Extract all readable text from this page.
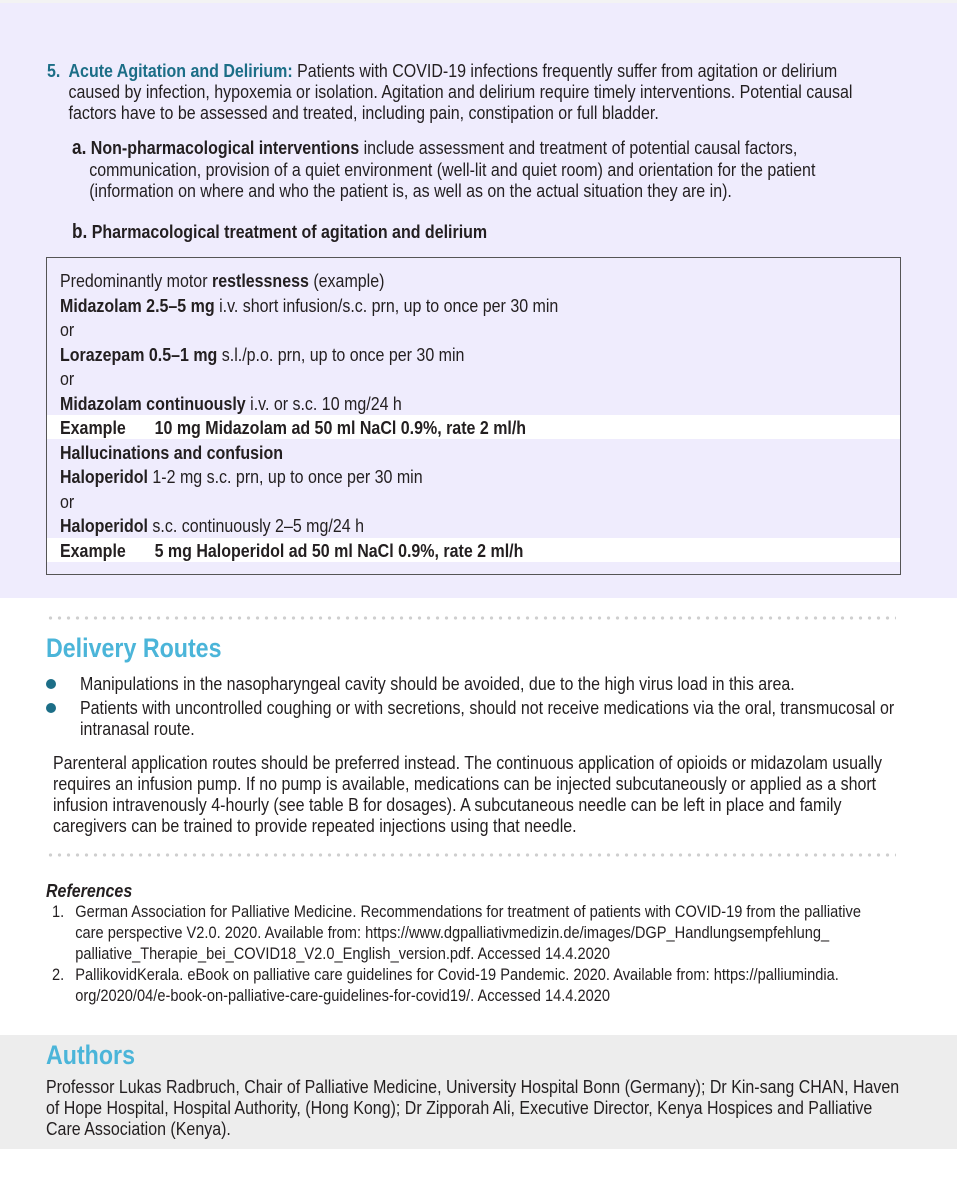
5. Acute Agitation and Delirium: Patients with COVID-19 infections frequently suffer from agitation or delirium
caused by infection, hypoxemia or isolation. Agitation and delirium require timely interventions. Potential causal
factors have to be assessed and treated, including pain, constipation or full bladder.
a. Non-pharmacological interventions include assessment and treatment of potential causal factors,
communication, provision of a quiet environment (well-lit and quiet room) and orientation for the patient
(information on where and who the patient is, as well as on the actual situation they are in).
b. Pharmacological treatment of agitation and delirium
Predominantly motor restlessness (example)
Midazolam 2.5–5 mg i.v. short infusion/s.c. prn, up to once per 30 min
or
Lorazepam 0.5–1 mg s.l./p.o. prn, up to once per 30 min
or
Midazolam continuously i.v. or s.c. 10 mg/24 h
Example 10 mg Midazolam ad 50 ml NaCl 0.9%, rate 2 ml/h
Hallucinations and confusion
Haloperidol 1-2 mg s.c. prn, up to once per 30 min
or
Haloperidol s.c. continuously 2–5 mg/24 h
Example 5 mg Haloperidol ad 50 ml NaCl 0.9%, rate 2 ml/h
Delivery Routes
Manipulations in the nasopharyngeal cavity should be avoided, due to the high virus load in this area.
Patients with uncontrolled coughing or with secretions, should not receive medications via the oral, transmucosal or
intranasal route.
Parenteral application routes should be preferred instead. The continuous application of opioids or midazolam usually
requires an infusion pump. If no pump is available, medications can be injected subcutaneously or applied as a short
infusion intravenously 4-hourly (see table B for dosages). A subcutaneous needle can be left in place and family
caregivers can be trained to provide repeated injections using that needle.
References
1. German Association for Palliative Medicine. Recommendations for treatment of patients with COVID-19 from the palliative
care perspective V2.0. 2020. Available from: https://www.dgpalliativmedizin.de/images/DGP_Handlungsempfehlung_
palliative_Therapie_bei_COVID18_V2.0_English_version.pdf. Accessed 14.4.2020
2. PallikovidKerala. eBook on palliative care guidelines for Covid-19 Pandemic. 2020. Available from: https://palliumindia.
org/2020/04/e-book-on-palliative-care-guidelines-for-covid19/. Accessed 14.4.2020
Authors
Professor Lukas Radbruch, Chair of Palliative Medicine, University Hospital Bonn (Germany); Dr Kin-sang CHAN, Haven
of Hope Hospital, Hospital Authority, (Hong Kong); Dr Zipporah Ali, Executive Director, Kenya Hospices and Palliative
Care Association (Kenya).
